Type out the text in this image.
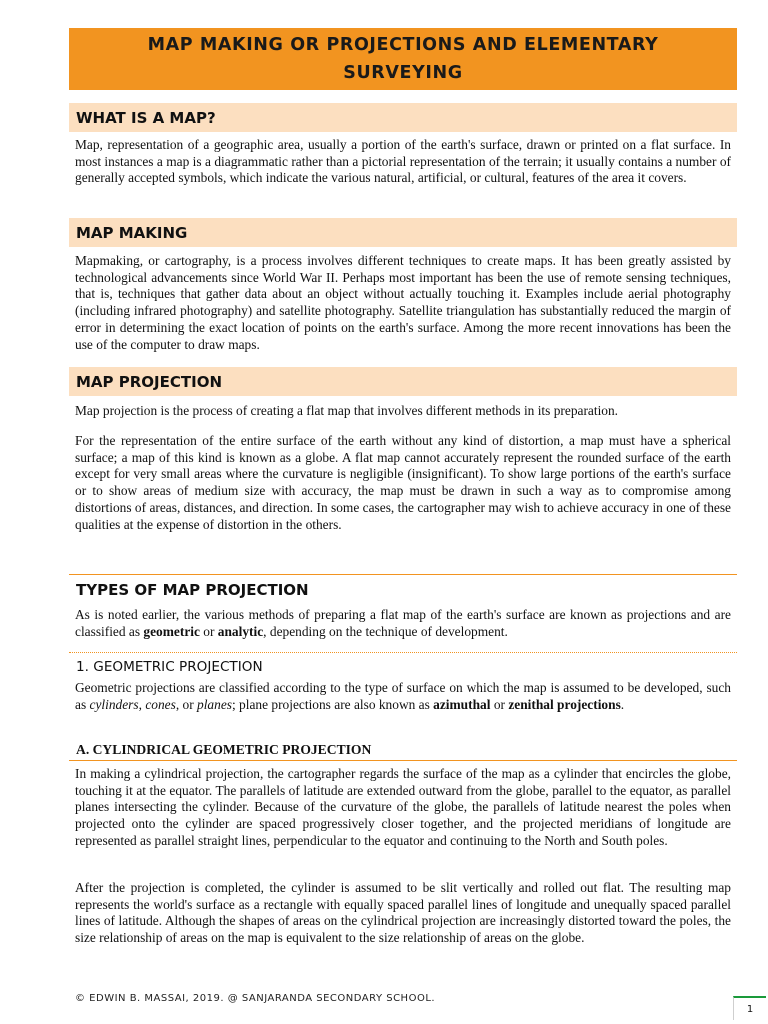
MAP MAKING OR PROJECTIONS AND ELEMENTARY SURVEYING
WHAT IS A MAP?

Map, representation of a geographic area, usually a portion of the earth's surface, drawn or printed on a flat surface. In most instances a map is a diagrammatic rather than a pictorial representation of the terrain; it usually contains a number of generally accepted symbols, which indicate the various natural, artificial, or cultural, features of the area it covers.

MAP MAKING

Mapmaking, or cartography, is a process involves different techniques to create maps. It has been greatly assisted by technological advancements since World War II. Perhaps most important has been the use of remote sensing techniques, that is, techniques that gather data about an object without actually touching it. Examples include aerial photography (including infrared photography) and satellite photography. Satellite triangulation has substantially reduced the margin of error in determining the exact location of points on the earth's surface. Among the more recent innovations has been the use of the computer to draw maps.

MAP PROJECTION

Map projection is the process of creating a flat map that involves different methods in its preparation.

For the representation of the entire surface of the earth without any kind of distortion, a map must have a spherical surface; a map of this kind is known as a globe. A flat map cannot accurately represent the rounded surface of the earth except for very small areas where the curvature is negligible (insignificant). To show large portions of the earth's surface or to show areas of medium size with accuracy, the map must be drawn in such a way as to compromise among distortions of areas, distances, and direction. In some cases, the cartographer may wish to achieve accuracy in one of these qualities at the expense of distortion in the others.

TYPES OF MAP PROJECTION

As is noted earlier, the various methods of preparing a flat map of the earth's surface are known as projections and are classified as geometric or analytic, depending on the technique of development.

1. GEOMETRIC PROJECTION

Geometric projections are classified according to the type of surface on which the map is assumed to be developed, such as cylinders, cones, or planes; plane projections are also known as azimuthal or zenithal projections.

A. CYLINDRICAL GEOMETRIC PROJECTION

In making a cylindrical projection, the cartographer regards the surface of the map as a cylinder that encircles the globe, touching it at the equator. The parallels of latitude are extended outward from the globe, parallel to the equator, as parallel planes intersecting the cylinder. Because of the curvature of the globe, the parallels of latitude nearest the poles when projected onto the cylinder are spaced progressively closer together, and the projected meridians of longitude are represented as parallel straight lines, perpendicular to the equator and continuing to the North and South poles.

After the projection is completed, the cylinder is assumed to be slit vertically and rolled out flat. The resulting map represents the world's surface as a rectangle with equally spaced parallel lines of longitude and unequally spaced parallel lines of latitude. Although the shapes of areas on the cylindrical projection are increasingly distorted toward the poles, the size relationship of areas on the map is equivalent to the size relationship of areas on the globe.

© EDWIN B. MASSAI, 2019. @ SANJARANDA SECONDARY SCHOOL.
1
